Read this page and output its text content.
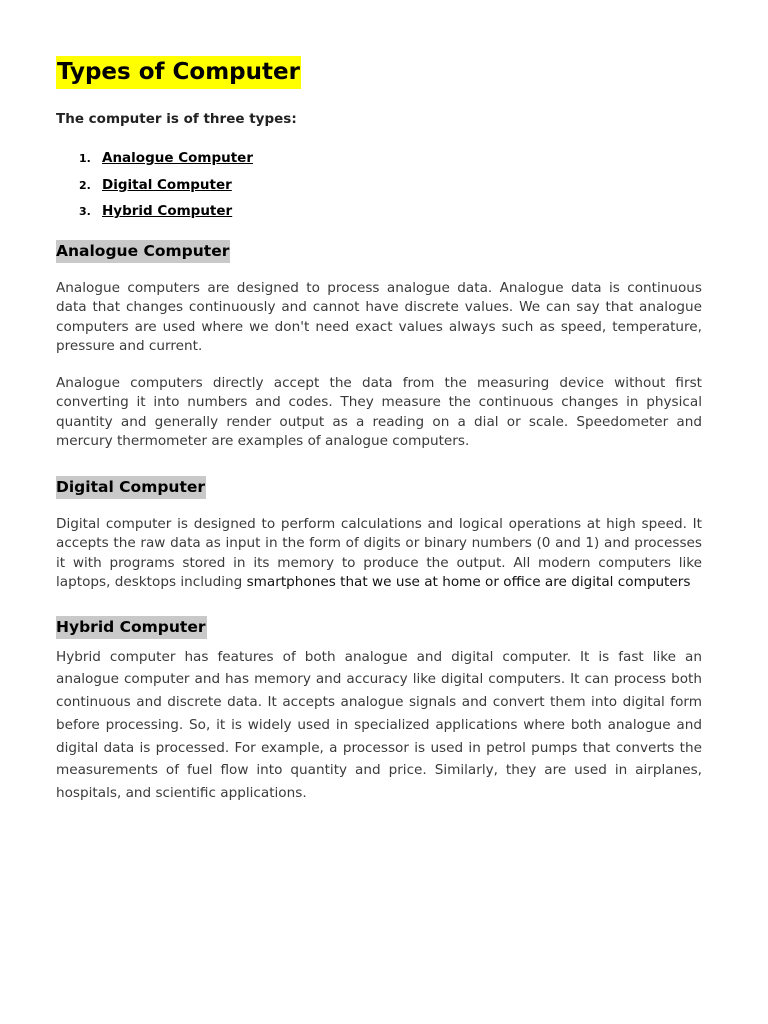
Types of Computer

The computer is of three types:

1. Analogue Computer
2. Digital Computer
3. Hybrid Computer
Analogue Computer

Analogue computers are designed to process analogue data. Analogue data is continuous data that changes continuously and cannot have discrete values. We can say that analogue computers are used where we don't need exact values always such as speed, temperature, pressure and current.

Analogue computers directly accept the data from the measuring device without first converting it into numbers and codes. They measure the continuous changes in physical quantity and generally render output as a reading on a dial or scale. Speedometer and mercury thermometer are examples of analogue computers.

Digital Computer

Digital computer is designed to perform calculations and logical operations at high speed. It accepts the raw data as input in the form of digits or binary numbers (0 and 1) and processes it with programs stored in its memory to produce the output. All modern computers like laptops, desktops including smartphones that we use at home or office are digital computers

Hybrid Computer

Hybrid computer has features of both analogue and digital computer. It is fast like an analogue computer and has memory and accuracy like digital computers. It can process both continuous and discrete data. It accepts analogue signals and convert them into digital form before processing. So, it is widely used in specialized applications where both analogue and digital data is processed. For example, a processor is used in petrol pumps that converts the measurements of fuel flow into quantity and price. Similarly, they are used in airplanes, hospitals, and scientific applications.
